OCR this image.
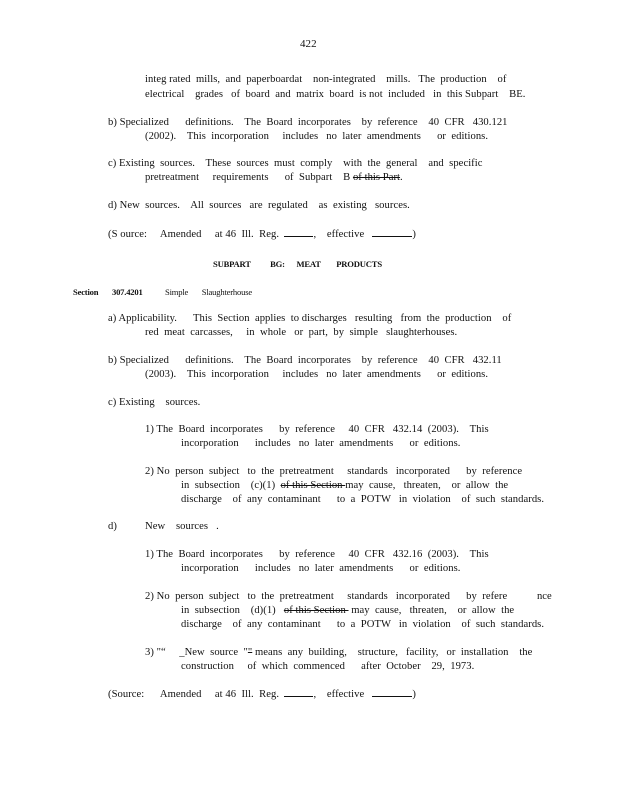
422
integ rated  mills,  and  paperboardat    non-integrated    mills.   The  production    of
electrical    grades   of  board  and  matrix  board  is not  included   in  this Subpart    BE.
b) Specialized      definitions.    The  Board  incorporates    by  reference    40  CFR   430.121
(2002).    This  incorporation     includes   no  later  amendments      or  editions.
c) Existing  sources.    These  sources  must  comply    with  the  general    and  specific
pretreatment     requirements      of  Subpart    B of this Part.
d) New  sources.    All  sources   are  regulated    as  existing   sources.
(S ource:     Amended     at 46  Ill.  Reg.	,    effective	)
SUBPART          BG:      MEAT        PRODUCTS
Section       307.4201	Simple       Slaughterhouse
a) Applicability.      This  Section  applies  to discharges   resulting   from  the  production    of
red  meat  carcasses,     in  whole   or  part,  by  simple   slaughterhouses.
b) Specialized      definitions.    The  Board  incorporates    by  reference    40  CFR   432.11
(2003).    This  incorporation     includes   no  later  amendments      or  editions.
c) Existing    sources.
1) The  Board  incorporates      by  reference     40  CFR   432.14  (2003).    This
incorporation      includes   no  later  amendments      or  editions.
2) No  person  subject   to  the  pretreatment     standards   incorporated      by  reference
in  subsection    (c)(1)  of this Section may  cause,   threaten,    or  allow  the
discharge    of  any  contaminant      to  a  POTW   in  violation    of  such  standards.
d)	New    sources   .
1) The  Board  incorporates      by  reference     40  CFR   432.16  (2003).    This
incorporation      includes   no  later  amendments      or  editions.
2) No  person  subject   to  the  pretreatment     standards   incorporated      by  refere           nce
in  subsection    (d)(1)   of this Section  may  cause,   threaten,    or  allow  the
discharge    of  any  contaminant      to  a  POTW   in  violation    of  such  standards.
3) "“     _New  source  "" means  any  building,    structure,   facility,   or  installation    the
construction     of  which  commenced      after  October    29,  1973.
(Source:      Amended     at 46  Ill.  Reg.	,    effective	)
